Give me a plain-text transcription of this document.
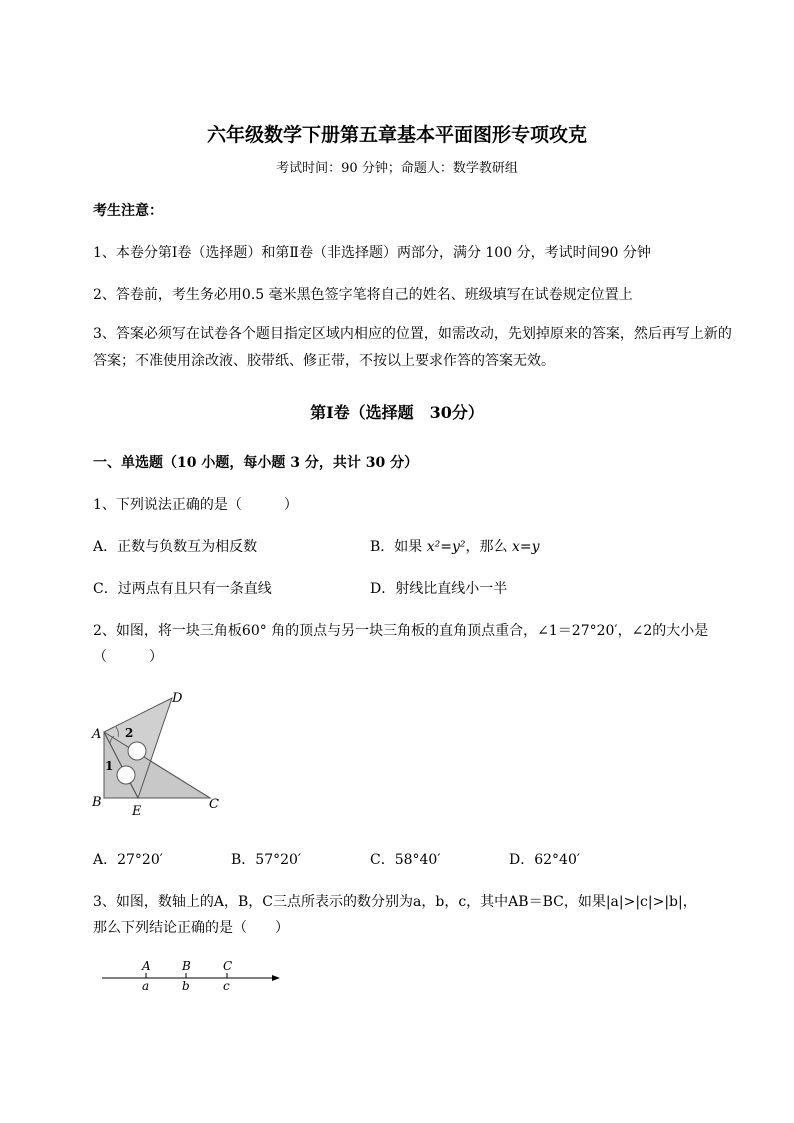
六年级数学下册第五章基本平面图形专项攻克
考试时间：90 分钟；命题人：数学教研组
考生注意：
1、本卷分第Ⅰ卷（选择题）和第Ⅱ卷（非选择题）两部分，满分 100 分，考试时间90 分钟
2、答卷前，考生务必用0.5 毫米黑色签字笔将自己的姓名、班级填写在试卷规定位置上
3、答案必须写在试卷各个题目指定区域内相应的位置，如需改动，先划掉原来的答案，然后再写上新的答案；不准使用涂改液、胶带纸、修正带，不按以上要求作答的答案无效。
第Ⅰ卷（选择题　30分）
一、单选题（10 小题，每小题 3 分，共计 30 分）
1、下列说法正确的是（　　　）
A．正数与负数互为相反数	B．如果 x²=y²，那么 x=y
C．过两点有且只有一条直线	D．射线比直线小一半
2、如图，将一块三角板60° 角的顶点与另一块三角板的直角顶点重合，∠1＝27°20′，∠2的大小是
（　　　）
A
D
B
E	C
1
2
A．27°20′	B．57°20′	C．58°40′	D．62°40′
3、如图，数轴上的A，B，C三点所表示的数分别为a，b，c，其中AB＝BC，如果|a|>|c|>|b|，
那么下列结论正确的是（　　）
A	B	C
a	b	c
